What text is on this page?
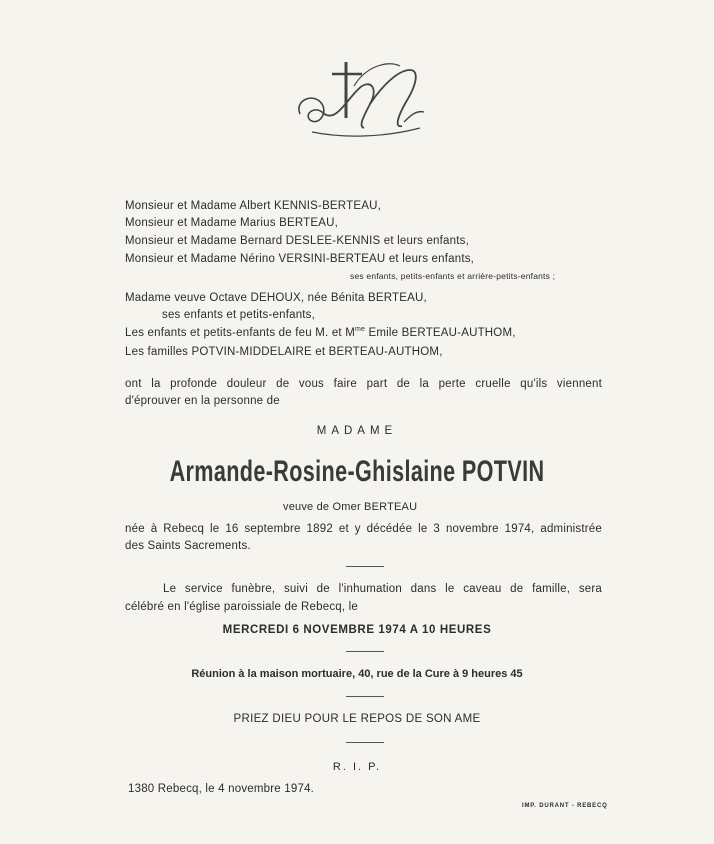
Monsieur et Madame Albert KENNIS-BERTEAU,
Monsieur et Madame Marius BERTEAU,
Monsieur et Madame Bernard DESLEE-KENNIS et leurs enfants,
Monsieur et Madame Nérino VERSINI-BERTEAU et leurs enfants,
ses enfants, petits-enfants et arrière-petits-enfants ;
Madame veuve Octave DEHOUX, née Bénita BERTEAU,
ses enfants et petits-enfants,
Les enfants et petits-enfants de feu M. et $M^{me}$ Emile BERTEAU-AUTHOM,
Les familles POTVIN-MIDDELAIRE et BERTEAU-AUTHOM,
ont la profonde douleur de vous faire part de la perte cruelle qu'ils viennent
d'éprouver en la personne de
MADAME
Armande-Rosine-Ghislaine POTVIN
veuve de Omer BERTEAU
née à Rebecq le 16 septembre 1892 et y décédée le 3 novembre 1974, administrée
des Saints Sacrements.
Le service funèbre, suivi de l'inhumation dans le caveau de famille, sera
célébré en l'église paroissiale de Rebecq, le
MERCREDI 6 NOVEMBRE 1974 A 10 HEURES
Réunion à la maison mortuaire, 40, rue de la Cure à 9 heures 45
PRIEZ DIEU POUR LE REPOS DE SON AME
R. I. P.
1380 Rebecq, le 4 novembre 1974.
IMP. DURANT - REBECQ
